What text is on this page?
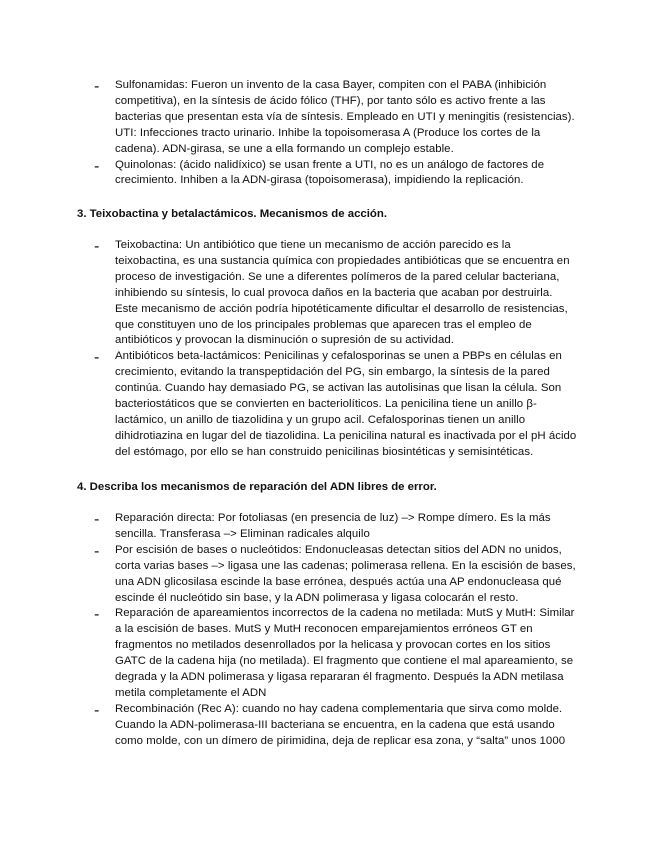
-	Sulfonamidas: Fueron un invento de la casa Bayer, compiten con el PABA (inhibición competitiva), en la síntesis de ácido fólico (THF), por tanto sólo es activo frente a las bacterias que presentan esta vía de síntesis. Empleado en UTI y meningitis (resistencias). UTI: Infecciones tracto urinario. Inhibe la topoisomerasa A (Produce los cortes de la cadena). ADN-girasa, se une a ella formando un complejo estable.
-	Quinolonas: (ácido nalidíxico) se usan frente a UTI, no es un análogo de factores de crecimiento. Inhiben a la ADN-girasa (topoisomerasa), impidiendo la replicación.
3. Teixobactina y betalactámicos. Mecanismos de acción.
-	Teixobactina: Un antibiótico que tiene un mecanismo de acción parecido es la teixobactina, es una sustancia química con propiedades antibióticas que se encuentra en proceso de investigación. Se une a diferentes polímeros de la pared celular bacteriana, inhibiendo su síntesis, lo cual provoca daños en la bacteria que acaban por destruirla. Este mecanismo de acción podría hipotéticamente dificultar el desarrollo de resistencias, que constituyen uno de los principales problemas que aparecen tras el empleo de antibióticos y provocan la disminución o supresión de su actividad.
-	Antibióticos beta-lactámicos: Penicilinas y cefalosporinas se unen a PBPs en células en crecimiento, evitando la transpeptidación del PG, sin embargo, la síntesis de la pared continúa. Cuando hay demasiado PG, se activan las autolisinas que lisan la célula. Son bacteriostáticos que se convierten en bacteriolíticos. La penicilina tiene un anillo β-lactámico, un anillo de tiazolidina y un grupo acil. Cefalosporinas tienen un anillo dihidrotiazina en lugar del de tiazolidina. La penicilina natural es inactivada por el pH ácido del estómago, por ello se han construido penicilinas biosintéticas y semisintéticas.
4. Describa los mecanismos de reparación del ADN libres de error.
-	Reparación directa: Por fotoliasas (en presencia de luz) –> Rompe dímero. Es la más sencilla. Transferasa –> Eliminan radicales alquilo
-	Por escisión de bases o nucleótidos: Endonucleasas detectan sitios del ADN no unidos, corta varias bases –> ligasa une las cadenas; polimerasa rellena. En la escisión de bases, una ADN glicosilasa escinde la base errónea, después actúa una AP endonucleasa qué escinde él nucleótido sin base, y la ADN polimerasa y ligasa colocarán el resto.
-	Reparación de apareamientos incorrectos de la cadena no metilada: MutS y MutH: Similar a la escisión de bases. MutS y MutH reconocen emparejamientos erróneos GT en fragmentos no metilados desenrollados por la helicasa y provocan cortes en los sitios GATC de la cadena hija (no metilada). El fragmento que contiene el mal apareamiento, se degrada y la ADN polimerasa y ligasa repararan él fragmento. Después la ADN metilasa metila completamente el ADN
-	Recombinación (Rec A): cuando no hay cadena complementaria que sirva como molde. Cuando la ADN-polimerasa-III bacteriana se encuentra, en la cadena que está usando como molde, con un dímero de pirimidina, deja de replicar esa zona, y “salta” unos 1000
